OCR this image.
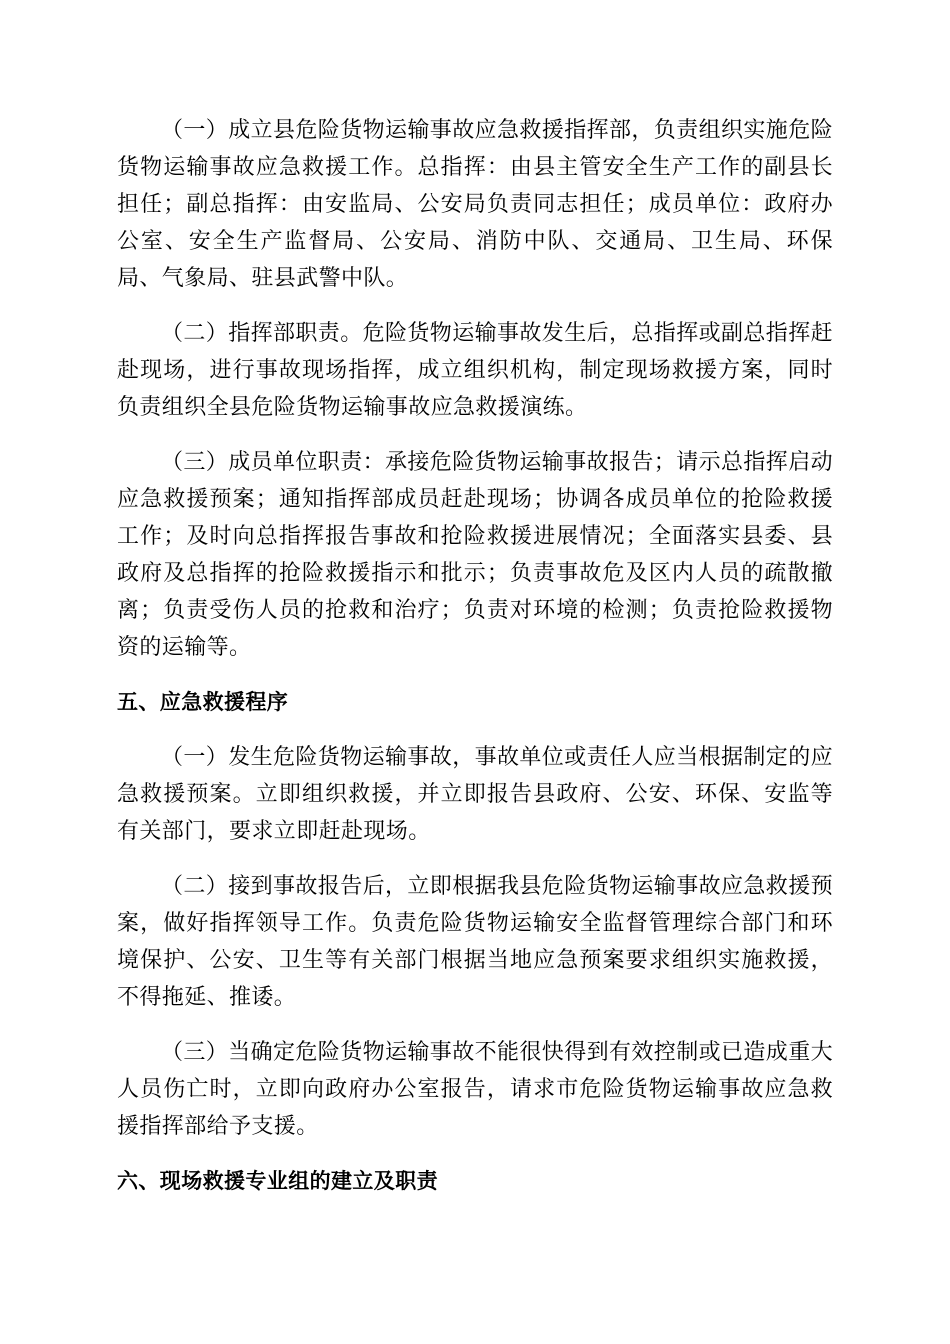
（一）成立县危险货物运输事故应急救援指挥部，负责组织实施危险货物运输事故应急救援工作。总指挥：由县主管安全生产工作的副县长担任；副总指挥：由安监局、公安局负责同志担任；成员单位：政府办公室、安全生产监督局、公安局、消防中队、交通局、卫生局、环保局、气象局、驻县武警中队。

（二）指挥部职责。危险货物运输事故发生后，总指挥或副总指挥赶赴现场，进行事故现场指挥，成立组织机构，制定现场救援方案，同时负责组织全县危险货物运输事故应急救援演练。

（三）成员单位职责：承接危险货物运输事故报告；请示总指挥启动应急救援预案；通知指挥部成员赶赴现场；协调各成员单位的抢险救援工作；及时向总指挥报告事故和抢险救援进展情况；全面落实县委、县政府及总指挥的抢险救援指示和批示；负责事故危及区内人员的疏散撤离；负责受伤人员的抢救和治疗；负责对环境的检测；负责抢险救援物资的运输等。

五、应急救援程序

（一）发生危险货物运输事故，事故单位或责任人应当根据制定的应急救援预案。立即组织救援，并立即报告县政府、公安、环保、安监等有关部门，要求立即赶赴现场。

（二）接到事故报告后，立即根据我县危险货物运输事故应急救援预案，做好指挥领导工作。负责危险货物运输安全监督管理综合部门和环境保护、公安、卫生等有关部门根据当地应急预案要求组织实施救援，不得拖延、推诿。

（三）当确定危险货物运输事故不能很快得到有效控制或已造成重大人员伤亡时，立即向政府办公室报告，请求市危险货物运输事故应急救援指挥部给予支援。

六、现场救援专业组的建立及职责
